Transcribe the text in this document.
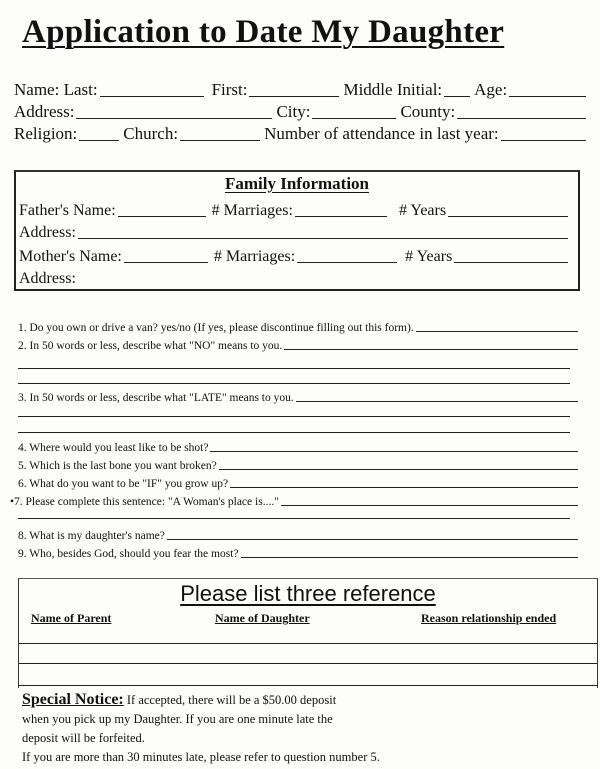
Application to Date My Daughter
Name: Last:	First:	Middle Initial: Age:
Address:	City:	County:
Religion:	Church:	Number of attendance in last year:
Family Information
Father's Name:	# Marriages:	# Years
Address:
Mother's Name:	# Marriages:	# Years
Address:
1. Do you own or drive a van? yes/no (If yes, please discontinue filling out this form).
2. In 50 words or less, describe what "NO" means to you.
3. In 50 words or less, describe what "LATE" means to you.
4. Where would you least like to be shot?
5. Which is the last bone you want broken?
6. What do you want to be "IF" you grow up?
•7. Please complete this sentence: "A Woman's place is...."
8. What is my daughter's name?
9. Who, besides God, should you fear the most?
Please list three reference
Name of Parent	Name of Daughter	Reason relationship ended
Special Notice: If accepted, there will be a $50.00 deposit
when you pick up my Daughter. If you are one minute late the
deposit will be forfeited.
If you are more than 30 minutes late, please refer to question number 5.
